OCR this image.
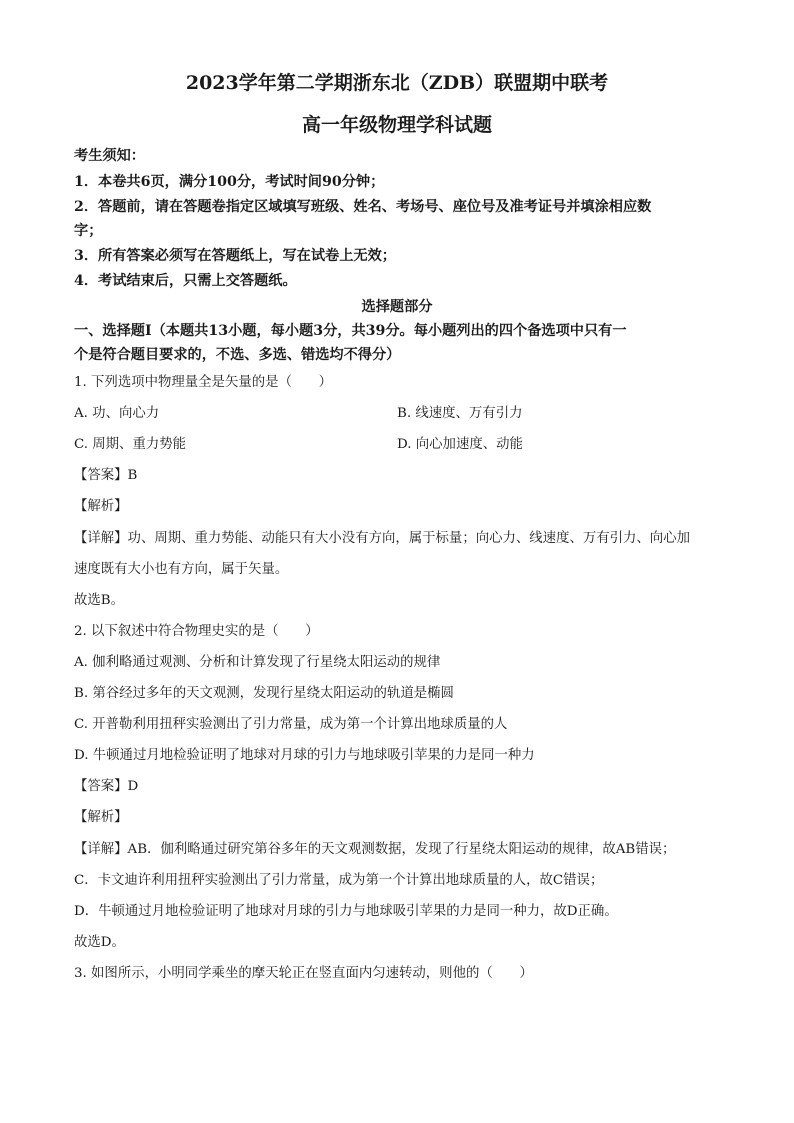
2023学年第二学期浙东北（ZDB）联盟期中联考
高一年级物理学科试题
考生须知：
1．本卷共6页，满分100分，考试时间90分钟；
2．答题前，请在答题卷指定区域填写班级、姓名、考场号、座位号及准考证号并填涂相应数
字；
3．所有答案必须写在答题纸上，写在试卷上无效；
4．考试结束后，只需上交答题纸。
选择题部分
一、选择题Ⅰ（本题共13小题，每小题3分，共39分。每小题列出的四个备选项中只有一
个是符合题目要求的，不选、多选、错选均不得分）
1. 下列选项中物理量全是矢量的是（　　）
A. 功、向心力	B. 线速度、万有引力
C. 周期、重力势能	D. 向心加速度、动能
【答案】B
【解析】
【详解】功、周期、重力势能、动能只有大小没有方向，属于标量；向心力、线速度、万有引力、向心加
速度既有大小也有方向，属于矢量。
故选B。
2. 以下叙述中符合物理史实的是（　　）
A. 伽利略通过观测、分析和计算发现了行星绕太阳运动的规律
B. 第谷经过多年的天文观测，发现行星绕太阳运动的轨道是椭圆
C. 开普勒利用扭秤实验测出了引力常量，成为第一个计算出地球质量的人
D. 牛顿通过月地检验证明了地球对月球的引力与地球吸引苹果的力是同一种力
【答案】D
【解析】
【详解】AB．伽利略通过研究第谷多年的天文观测数据，发现了行星绕太阳运动的规律，故AB错误；
C．卡文迪许利用扭秤实验测出了引力常量，成为第一个计算出地球质量的人，故C错误；
D．牛顿通过月地检验证明了地球对月球的引力与地球吸引苹果的力是同一种力，故D正确。
故选D。
3. 如图所示，小明同学乘坐的摩天轮正在竖直面内匀速转动，则他的（　　）
